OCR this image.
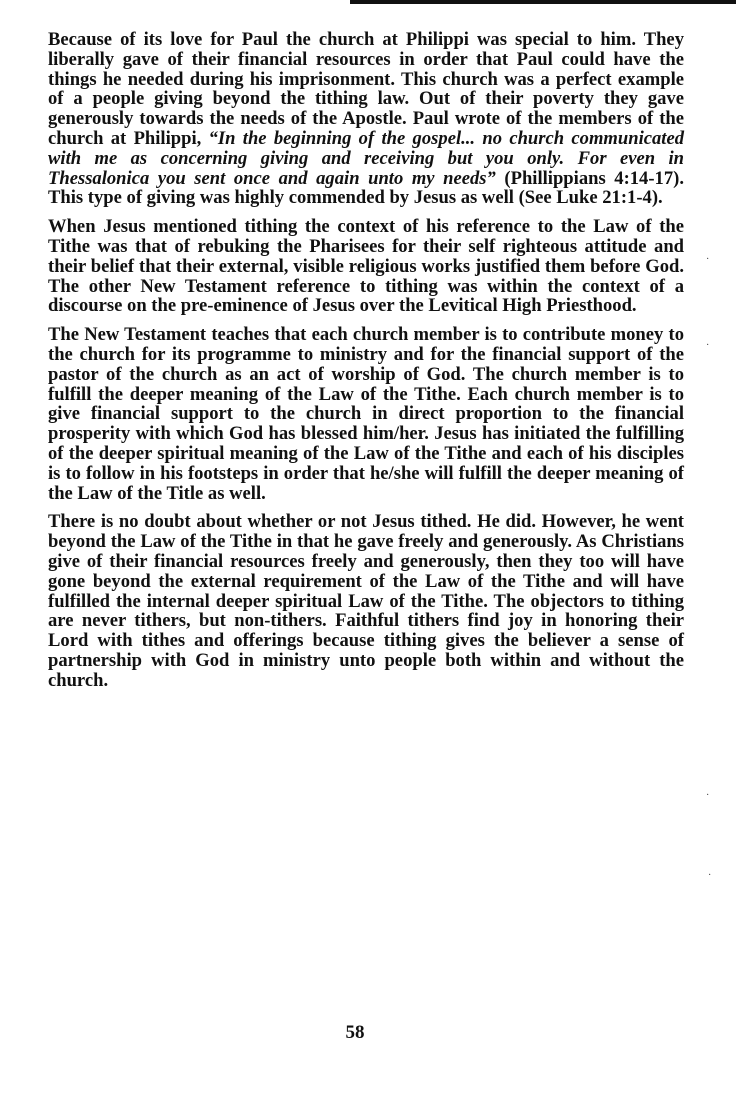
Because of its love for Paul the church at Philippi was special to him. They liberally gave of their financial resources in order that Paul could have the things he needed during his imprisonment. This church was a perfect example of a people giving beyond the tithing law. Out of their poverty they gave generously towards the needs of the Apostle. Paul wrote of the members of the church at Philippi, “In the beginning of the gospel... no church communicated with me as concerning giving and receiving but you only. For even in Thessalonica you sent once and again unto my needs” (Phillippians 4:14-17). This type of giving was highly commended by Jesus as well (See Luke 21:1-4).

When Jesus mentioned tithing the context of his reference to the Law of the Tithe was that of rebuking the Pharisees for their self righteous attitude and their belief that their external, visible religious works justified them before God. The other New Testament reference to tithing was within the context of a discourse on the pre-eminence of Jesus over the Levitical High Priesthood.

The New Testament teaches that each church member is to contribute money to the church for its programme to ministry and for the financial support of the pastor of the church as an act of worship of God. The church member is to fulfill the deeper meaning of the Law of the Tithe. Each church member is to give financial support to the church in direct proportion to the financial prosperity with which God has blessed him/her. Jesus has initiated the fulfilling of the deeper spiritual meaning of the Law of the Tithe and each of his disciples is to follow in his footsteps in order that he/she will fulfill the deeper meaning of the Law of the Title as well.

There is no doubt about whether or not Jesus tithed. He did. However, he went beyond the Law of the Tithe in that he gave freely and generously. As Christians give of their financial resources freely and generously, then they too will have gone beyond the external requirement of the Law of the Tithe and will have fulfilled the internal deeper spiritual Law of the Tithe. The objectors to tithing are never tithers, but non-tithers. Faithful tithers find joy in honoring their Lord with tithes and offerings because tithing gives the believer a sense of partnership with God in ministry unto people both within and without the church.

58
·
·
·
·
